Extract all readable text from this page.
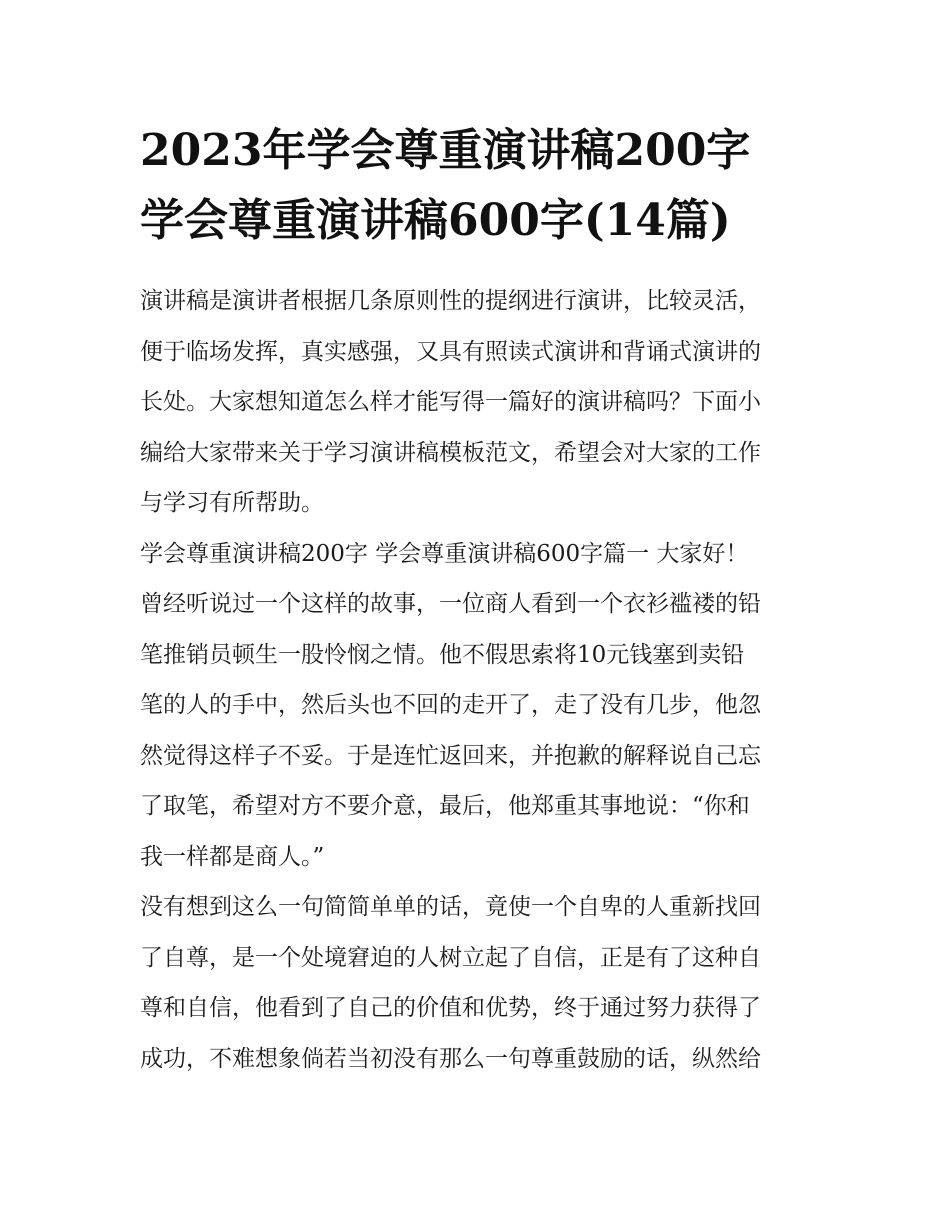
2023年学会尊重演讲稿200字
学会尊重演讲稿600字(14篇)
演讲稿是演讲者根据几条原则性的提纲进行演讲，比较灵活，
便于临场发挥，真实感强，又具有照读式演讲和背诵式演讲的
长处。大家想知道怎么样才能写得一篇好的演讲稿吗？下面小
编给大家带来关于学习演讲稿模板范文，希望会对大家的工作
与学习有所帮助。
学会尊重演讲稿200字 学会尊重演讲稿600字篇一 大家好！
曾经听说过一个这样的故事，一位商人看到一个衣衫褴褛的铅
笔推销员顿生一股怜悯之情。他不假思索将10元钱塞到卖铅
笔的人的手中，然后头也不回的走开了，走了没有几步，他忽
然觉得这样子不妥。于是连忙返回来，并抱歉的解释说自己忘
了取笔，希望对方不要介意，最后，他郑重其事地说：“你和
我一样都是商人。”
没有想到这么一句简简单单的话，竟使一个自卑的人重新找回
了自尊，是一个处境窘迫的人树立起了自信，正是有了这种自
尊和自信，他看到了自己的价值和优势，终于通过努力获得了
成功，不难想象倘若当初没有那么一句尊重鼓励的话，纵然给
